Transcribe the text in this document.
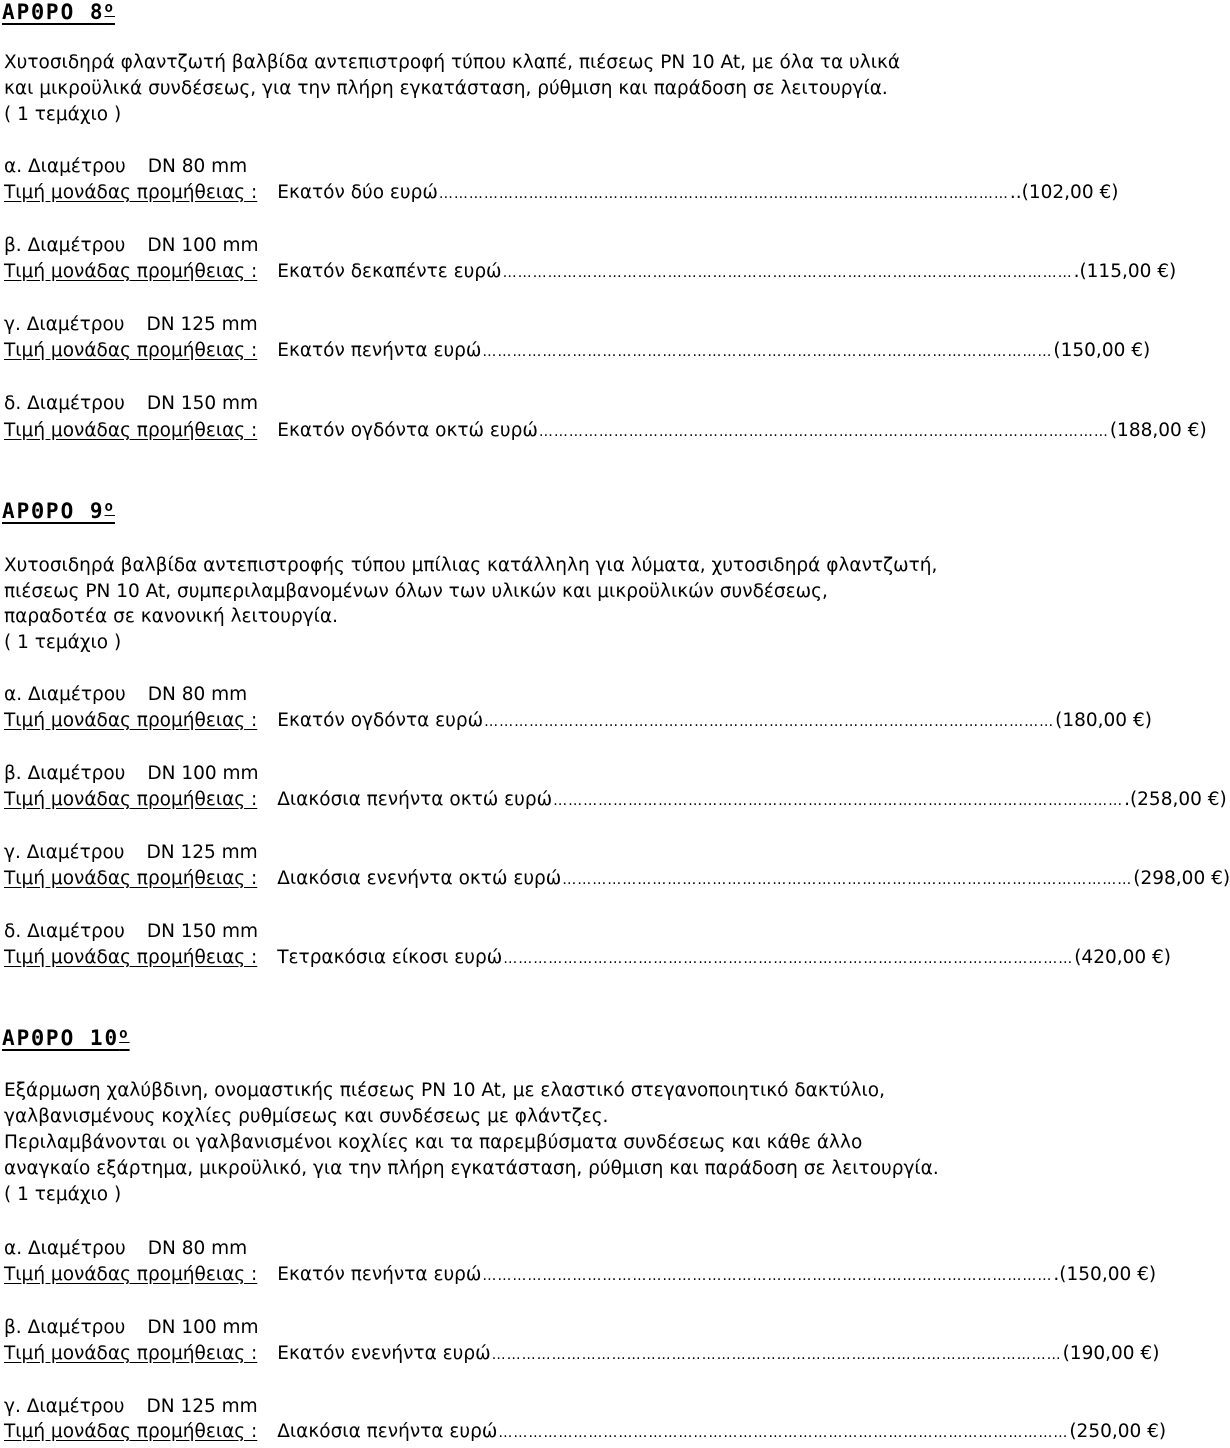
ΑΡΘΡΟ $8^o$
Χυτοσιδηρά φλαντζωτή βαλβίδα αντεπιστροφή τύπου κλαπέ, πιέσεως PN 10 At, με όλα τα υλικά
και μικροϋλικά συνδέσεως, για την πλήρη εγκατάσταση, ρύθμιση και παράδοση σε λειτουργία.
( 1 τεμάχιο )
α. Διαμέτρου DN 80 mm
Τιμή μονάδας προμήθειας : Εκατόν δύο ευρώ …………………………………………………………………………………………………… ..(102,00 €)
β. Διαμέτρου DN 100 mm
Τιμή μονάδας προμήθειας : Εκατόν δεκαπέντε ευρώ …………………………………………………………………………………………………… .(115,00 €)
γ. Διαμέτρου DN 125 mm
Τιμή μονάδας προμήθειας : Εκατόν πενήντα ευρώ …………………………………………………………………………………………………… (150,00 €)
δ. Διαμέτρου DN 150 mm
Τιμή μονάδας προμήθειας : Εκατόν ογδόντα οκτώ ευρώ …………………………………………………………………………………………………… (188,00 €)
ΑΡΘΡΟ $9^o$
Χυτοσιδηρά βαλβίδα αντεπιστροφής τύπου μπίλιας κατάλληλη για λύματα, χυτοσιδηρά φλαντζωτή,
πιέσεως PN 10 At, συμπεριλαμβανομένων όλων των υλικών και μικροϋλικών συνδέσεως,
παραδοτέα σε κανονική λειτουργία.
( 1 τεμάχιο )
α. Διαμέτρου DN 80 mm
Τιμή μονάδας προμήθειας : Εκατόν ογδόντα ευρώ …………………………………………………………………………………………………… (180,00 €)
β. Διαμέτρου DN 100 mm
Τιμή μονάδας προμήθειας : Διακόσια πενήντα οκτώ ευρώ …………………………………………………………………………………………………… .(258,00 €)
γ. Διαμέτρου DN 125 mm
Τιμή μονάδας προμήθειας : Διακόσια ενενήντα οκτώ ευρώ …………………………………………………………………………………………………… (298,00 €)
δ. Διαμέτρου DN 150 mm
Τιμή μονάδας προμήθειας : Τετρακόσια είκοσι ευρώ …………………………………………………………………………………………………… (420,00 €)
ΑΡΘΡΟ $10^o$
Εξάρμωση χαλύβδινη, ονομαστικής πιέσεως PN 10 At, με ελαστικό στεγανοποιητικό δακτύλιο,
γαλβανισμένους κοχλίες ρυθμίσεως και συνδέσεως με φλάντζες.
Περιλαμβάνονται οι γαλβανισμένοι κοχλίες και τα παρεμβύσματα συνδέσεως και κάθε άλλο
αναγκαίο εξάρτημα, μικροϋλικό, για την πλήρη εγκατάσταση, ρύθμιση και παράδοση σε λειτουργία.
( 1 τεμάχιο )
α. Διαμέτρου DN 80 mm
Τιμή μονάδας προμήθειας : Εκατόν πενήντα ευρώ …………………………………………………………………………………………………… .(150,00 €)
β. Διαμέτρου DN 100 mm
Τιμή μονάδας προμήθειας : Εκατόν ενενήντα ευρώ …………………………………………………………………………………………………… (190,00 €)
γ. Διαμέτρου DN 125 mm
Τιμή μονάδας προμήθειας : Διακόσια πενήντα ευρώ …………………………………………………………………………………………………… (250,00 €)
